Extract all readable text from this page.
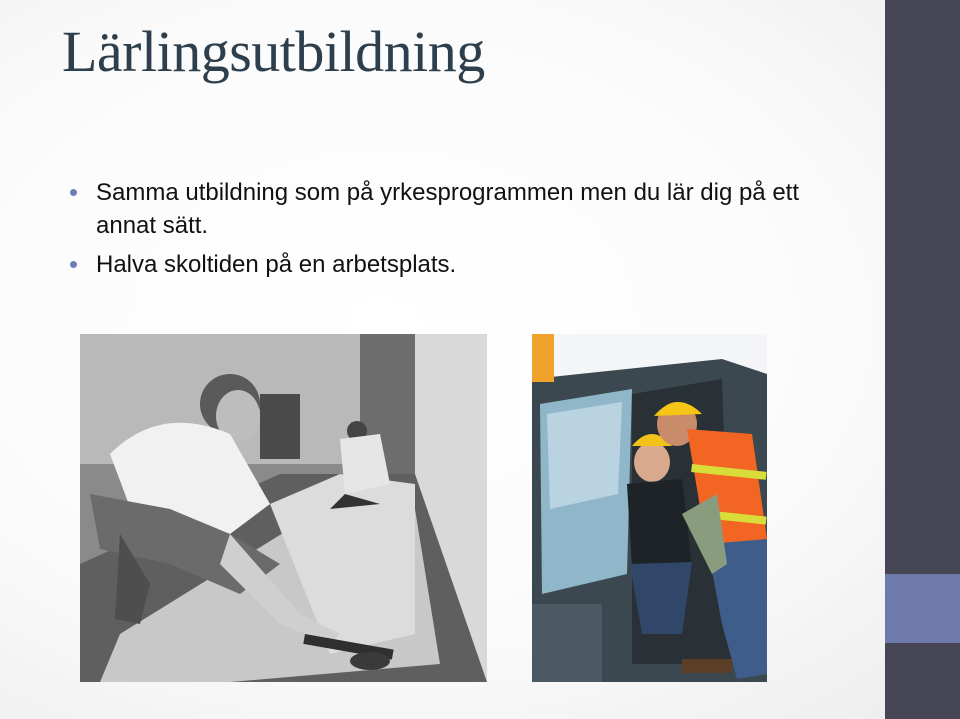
Lärlingsutbildning
Samma utbildning som på yrkesprogrammen men du lär dig på ett annat sätt.
Halva skoltiden på en arbetsplats.
